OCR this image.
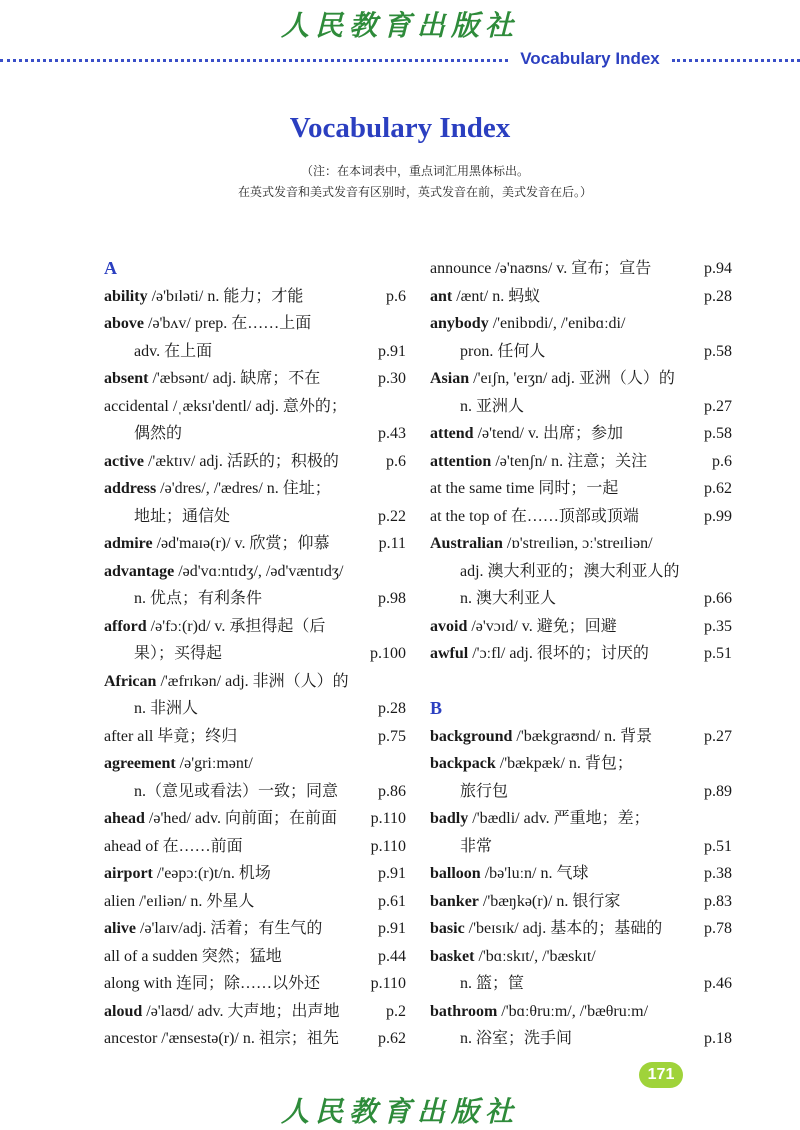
人民教育出版社
Vocabulary Index
Vocabulary Index
（注：在本词表中，重点词汇用黑体标出。
在英式发音和美式发音有区别时，英式发音在前，美式发音在后。）
A
ability /ə'bɪləti/ n. 能力；才能	p.6
above /ə'bʌv/ prep. 在……上面
adv. 在上面	p.91
absent /'æbsənt/ adj. 缺席；不在	p.30
accidental /ˌæksɪ'dentl/ adj. 意外的；
偶然的	p.43
active /'æktɪv/ adj. 活跃的；积极的	p.6
address /ə'dres/, /'ædres/ n. 住址；
地址；通信处	p.22
admire /əd'maɪə(r)/ v. 欣赏；仰慕	p.11
advantage /əd'vɑːntɪdʒ/, /əd'væntɪdʒ/
n. 优点；有利条件	p.98
afford /ə'fɔː(r)d/ v. 承担得起（后
果）；买得起	p.100
African /'æfrɪkən/ adj. 非洲（人）的
n. 非洲人	p.28
after all 毕竟；终归	p.75
agreement /ə'griːmənt/
n.（意见或看法）一致；同意 p.86
ahead /ə'hed/ adv. 向前面；在前面 p.110
ahead of 在……前面	p.110
airport /'eəpɔː(r)t/n. 机场	p.91
alien /'eɪliən/ n. 外星人	p.61
alive /ə'laɪv/adj. 活着；有生气的	p.91
all of a sudden 突然；猛地	p.44
along with 连同；除……以外还	p.110
aloud /ə'laʊd/ adv. 大声地；出声地	p.2
ancestor /'ænsestə(r)/ n. 祖宗；祖先 p.62
announce /ə'naʊns/ v. 宣布；宣告	p.94
ant /ænt/ n. 蚂蚁	p.28
anybody /'enibɒdi/, /'enibɑːdi/
pron. 任何人	p.58
Asian /'eɪʃn, 'eɪʒn/ adj. 亚洲（人）的
n. 亚洲人	p.27
attend /ə'tend/ v. 出席；参加	p.58
attention /ə'tenʃn/ n. 注意；关注	p.6
at the same time 同时；一起	p.62
at the top of 在……顶部或顶端	p.99
Australian /ɒ'streɪliən, ɔː'streɪliən/
adj. 澳大利亚的；澳大利亚人的
n. 澳大利亚人	p.66
avoid /ə'vɔɪd/ v. 避免；回避	p.35
awful /'ɔːfl/ adj. 很坏的；讨厌的	p.51
B
background /'bækgraʊnd/ n. 背景	p.27
backpack /'bækpæk/ n. 背包；
旅行包	p.89
badly /'bædli/ adv. 严重地；差；
非常	p.51
balloon /bə'luːn/ n. 气球	p.38
banker /'bæŋkə(r)/ n. 银行家	p.83
basic /'beɪsɪk/ adj. 基本的；基础的	p.78
basket /'bɑːskɪt/, /'bæskɪt/
n. 篮；筐	p.46
bathroom /'bɑːθruːm/, /'bæθruːm/
n. 浴室；洗手间	p.18
171
人民教育出版社
